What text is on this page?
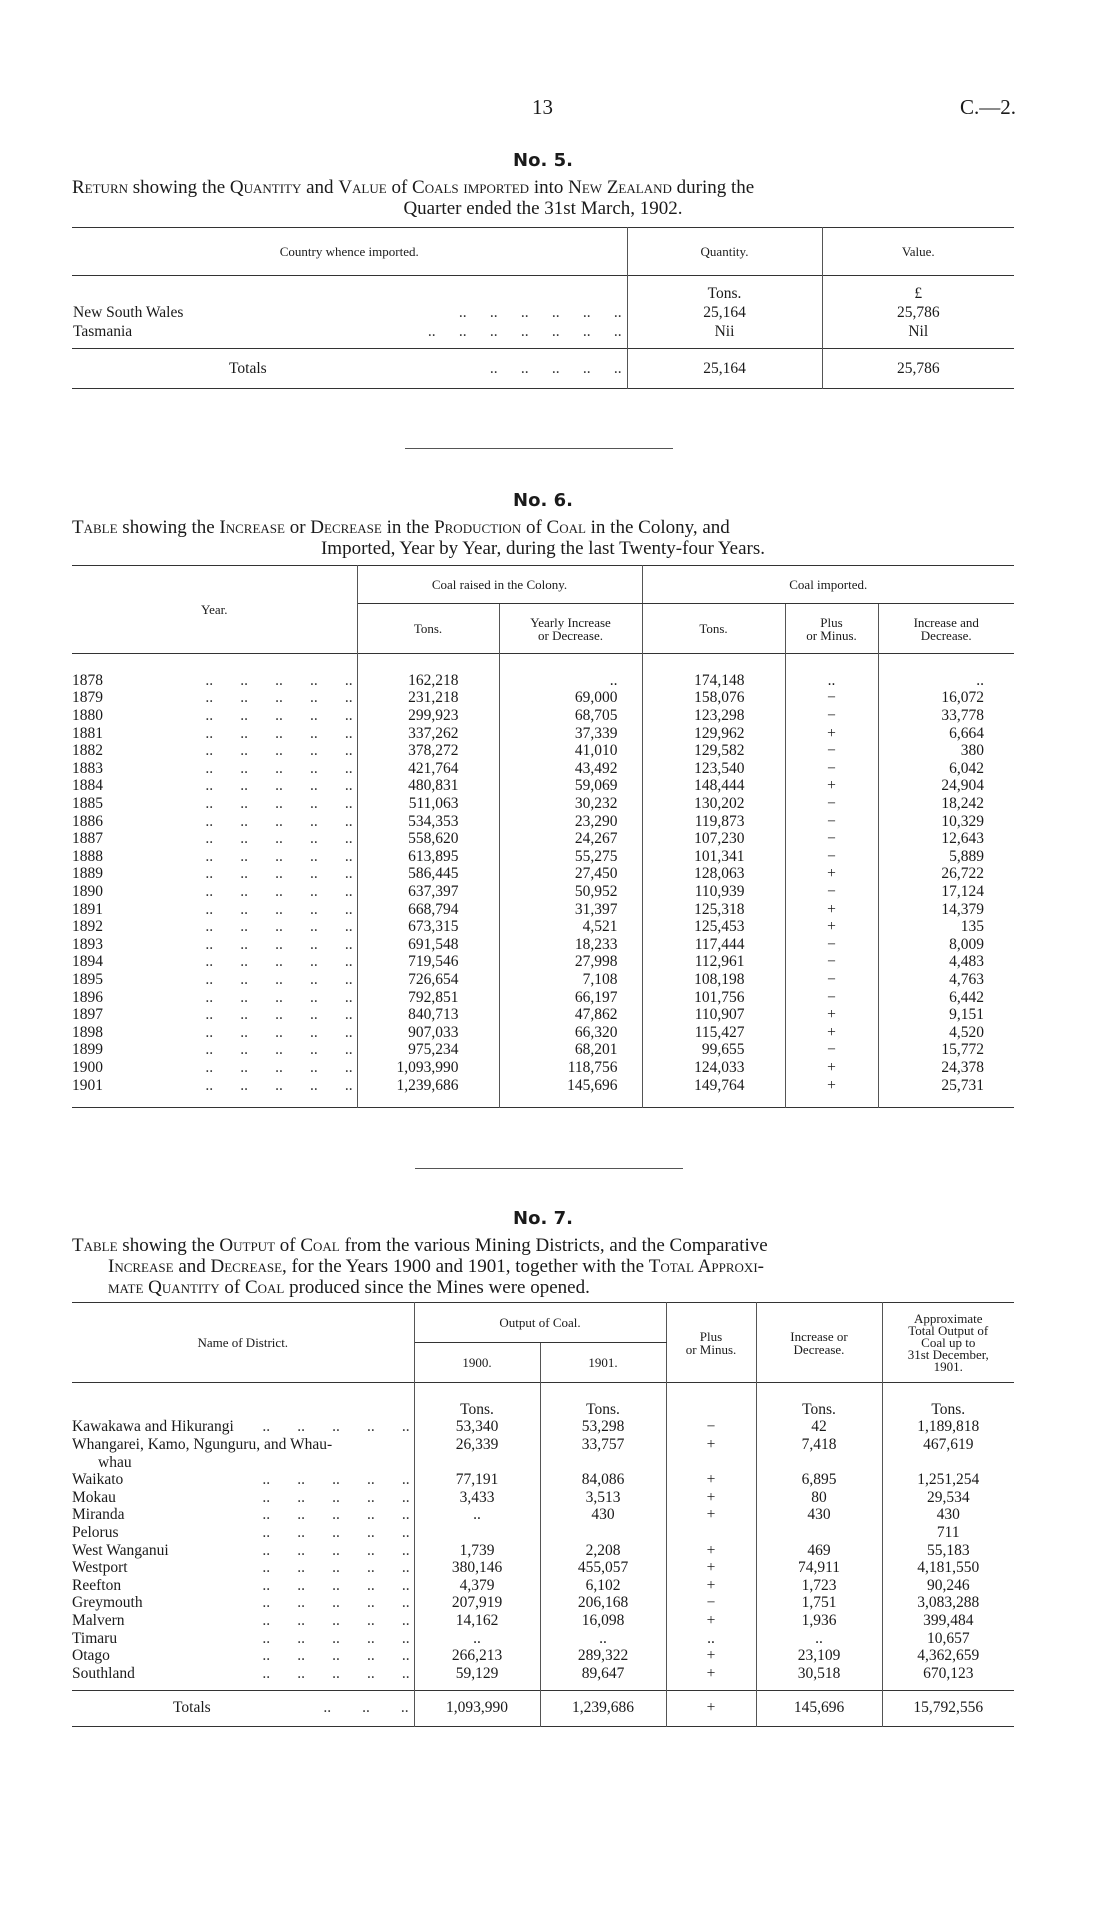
13	C.—2.

No. 5.

Return showing the Quantity and Value of Coals imported into New Zealand during the
Quarter ended the 31st March, 1902.

Country whence imported.	Quantity.	Value.

	Tons.	£

New South Wales ..      ..      ..      ..      ..      ..	25,164	25,786

Tasmania ..      ..      ..      ..      ..      ..      ..	Nii	Nil

Totals ..      ..      ..      ..      ..	25,164	25,786

No. 6.

Table showing the Increase or Decrease in the Production of Coal in the Colony, and
Imported, Year by Year, during the last Twenty-four Years.

Year.	Coal raised in the Colony.		Coal imported.		
	Tons.	Yearly Increase
or Decrease.	Tons.	Plus
or Minus.	Increase and
Decrease.

1878 ..       ..       ..       ..       ..	162,218	..	174,148	..	..

1879 ..       ..       ..       ..       ..	231,218	69,000	158,076	−	16,072

1880 ..       ..       ..       ..       ..	299,923	68,705	123,298	−	33,778

1881 ..       ..       ..       ..       ..	337,262	37,339	129,962	+	6,664

1882 ..       ..       ..       ..       ..	378,272	41,010	129,582	−	380

1883 ..       ..       ..       ..       ..	421,764	43,492	123,540	−	6,042

1884 ..       ..       ..       ..       ..	480,831	59,069	148,444	+	24,904

1885 ..       ..       ..       ..       ..	511,063	30,232	130,202	−	18,242

1886 ..       ..       ..       ..       ..	534,353	23,290	119,873	−	10,329

1887 ..       ..       ..       ..       ..	558,620	24,267	107,230	−	12,643

1888 ..       ..       ..       ..       ..	613,895	55,275	101,341	−	5,889

1889 ..       ..       ..       ..       ..	586,445	27,450	128,063	+	26,722

1890 ..       ..       ..       ..       ..	637,397	50,952	110,939	−	17,124

1891 ..       ..       ..       ..       ..	668,794	31,397	125,318	+	14,379

1892 ..       ..       ..       ..       ..	673,315	4,521	125,453	+	135

1893 ..       ..       ..       ..       ..	691,548	18,233	117,444	−	8,009

1894 ..       ..       ..       ..       ..	719,546	27,998	112,961	−	4,483

1895 ..       ..       ..       ..       ..	726,654	7,108	108,198	−	4,763

1896 ..       ..       ..       ..       ..	792,851	66,197	101,756	−	6,442

1897 ..       ..       ..       ..       ..	840,713	47,862	110,907	+	9,151

1898 ..       ..       ..       ..       ..	907,033	66,320	115,427	+	4,520

1899 ..       ..       ..       ..       ..	975,234	68,201	99,655	−	15,772

1900 ..       ..       ..       ..       ..	1,093,990	118,756	124,033	+	24,378

1901 ..       ..       ..       ..       ..	1,239,686	145,696	149,764	+	25,731

No. 7.

Table showing the Output of Coal from the various Mining Districts, and the Comparative
Increase and Decrease, for the Years 1900 and 1901, together with the Total Approxi-
mate Quantity of Coal produced since the Mines were opened.

Name of District.	Output of Coal.		Plus
or Minus.	Increase or
Decrease.	Approximate
Total Output of
Coal up to
31st December,
1901.
	1900.	1901.			

	Tons.	Tons.		Tons.	Tons.

Kawakawa and Hikurangi ..       ..       ..       ..       ..	53,340	53,298	−	42	1,189,818

Whangarei, Kamo, Ngunguru, and Whau-	26,339	33,757	+	7,418	467,619
whau					

Waikato ..       ..       ..       ..       ..	77,191	84,086	+	6,895	1,251,254

Mokau ..       ..       ..       ..       ..	3,433	3,513	+	80	29,534

Miranda ..       ..       ..       ..       ..	..	430	+	430	430

Pelorus ..       ..       ..       ..       ..					711

West Wanganui ..       ..       ..       ..       ..	1,739	2,208	+	469	55,183

Westport ..       ..       ..       ..       ..	380,146	455,057	+	74,911	4,181,550

Reefton ..       ..       ..       ..       ..	4,379	6,102	+	1,723	90,246

Greymouth ..       ..       ..       ..       ..	207,919	206,168	−	1,751	3,083,288

Malvern ..       ..       ..       ..       ..	14,162	16,098	+	1,936	399,484

Timaru ..       ..       ..       ..       ..	..	..	..	..	10,657

Otago ..       ..       ..       ..       ..	266,213	289,322	+	23,109	4,362,659

Southland ..       ..       ..       ..       ..	59,129	89,647	+	30,518	670,123

Totals ..        ..        ..	1,093,990	1,239,686	+	145,696	15,792,556
